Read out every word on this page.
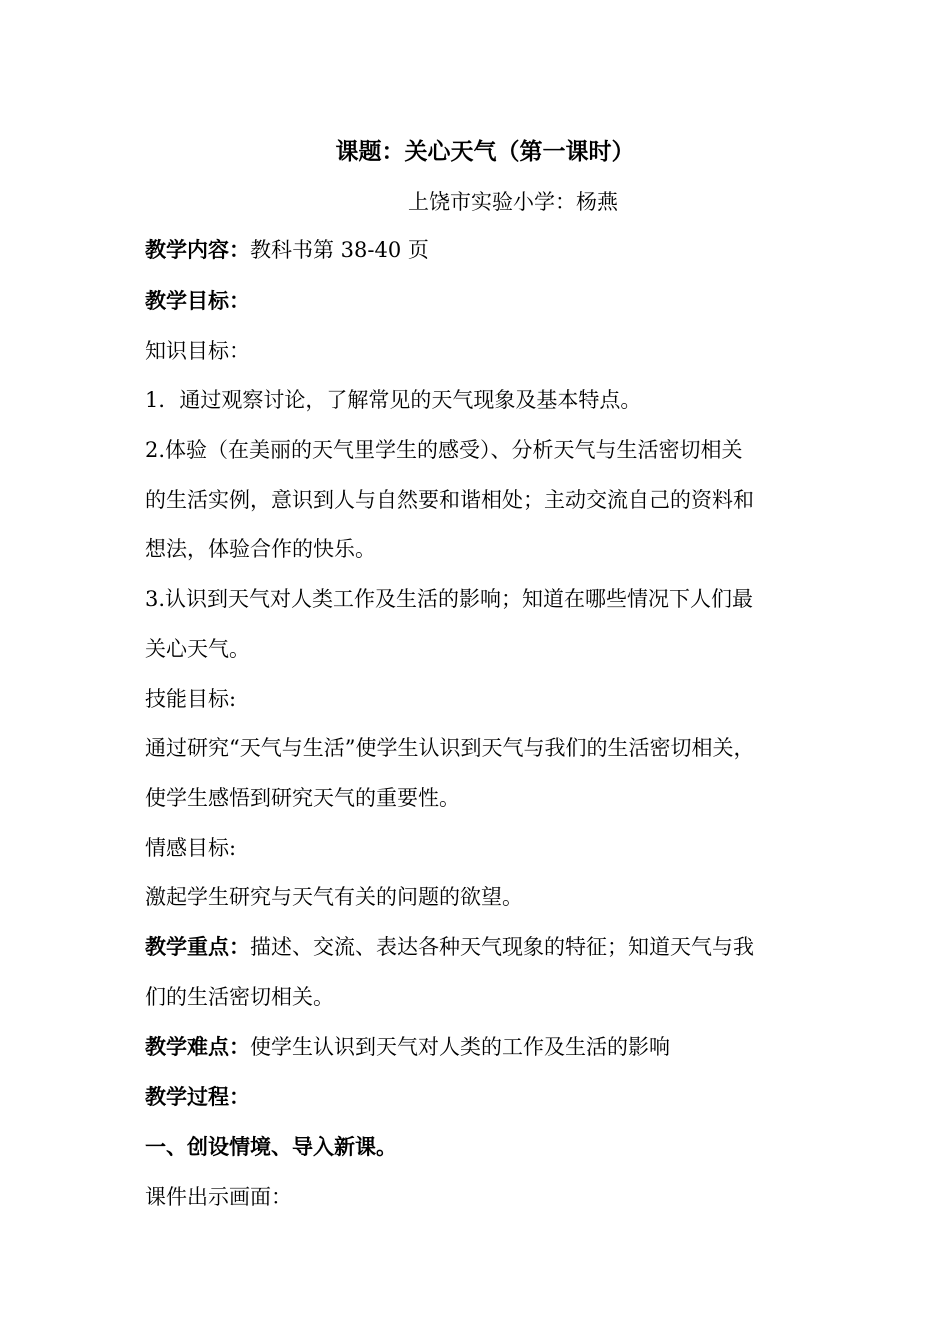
课题：关心天气（第一课时）
上饶市实验小学：杨燕
教学内容：教科书第 38-40 页
教学目标：
知识目标：
1．通过观察讨论，了解常见的天气现象及基本特点。
2.体验（在美丽的天气里学生的感受）、分析天气与生活密切相关
的生活实例，意识到人与自然要和谐相处；主动交流自己的资料和
想法，体验合作的快乐。
3.认识到天气对人类工作及生活的影响；知道在哪些情况下人们最
关心天气。
技能目标:
通过研究“天气与生活”使学生认识到天气与我们的生活密切相关，
使学生感悟到研究天气的重要性。
情感目标:
激起学生研究与天气有关的问题的欲望。
教学重点：描述、交流、表达各种天气现象的特征；知道天气与我
们的生活密切相关。
教学难点：使学生认识到天气对人类的工作及生活的影响
教学过程：
一、创设情境、导入新课。
课件出示画面：
